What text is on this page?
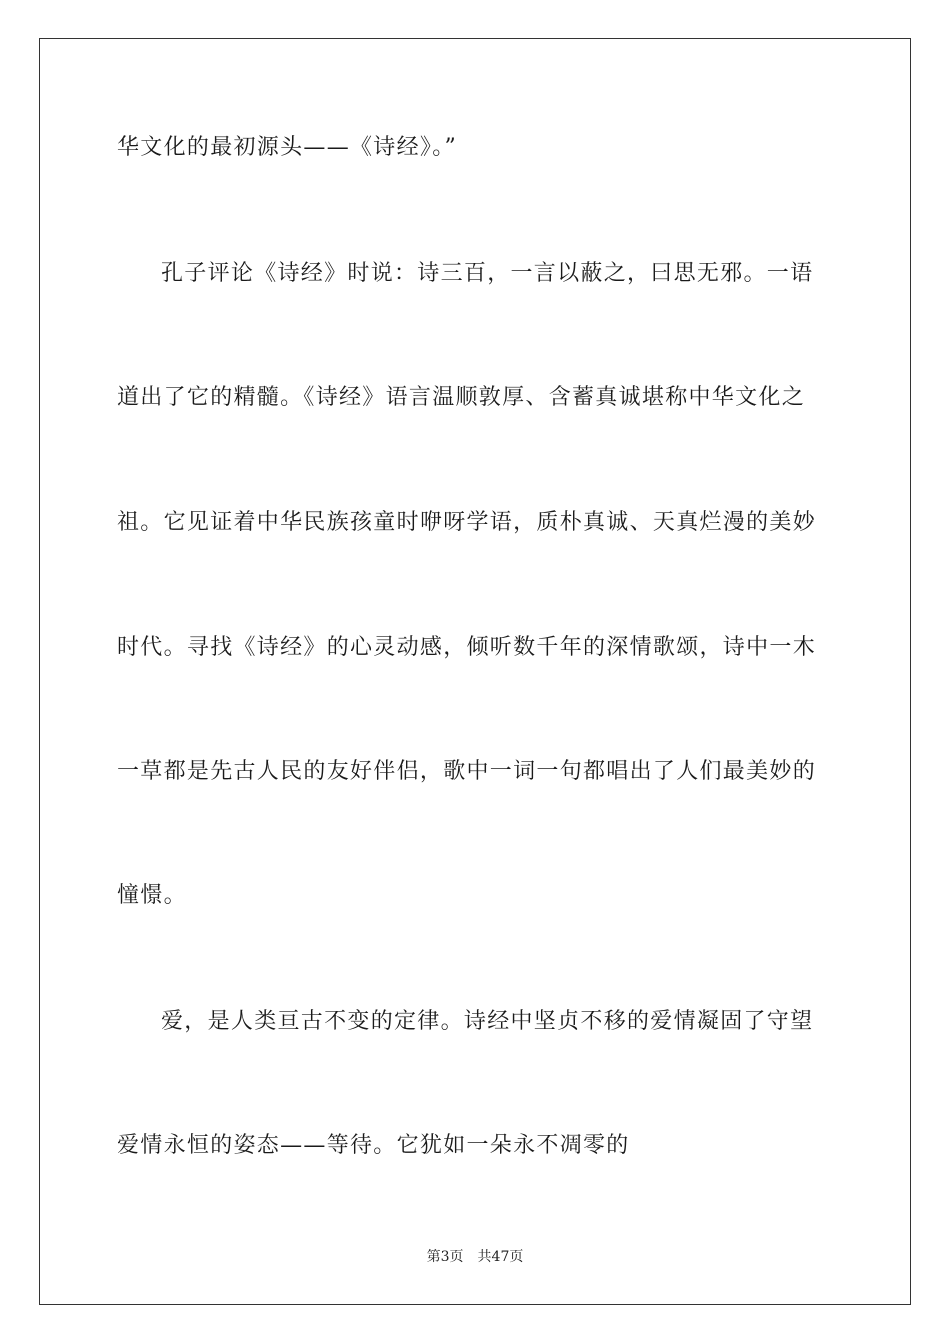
华文化的最初源头——《诗经》。”
孔子评论《诗经》时说：诗三百，一言以蔽之，曰思无邪。一语
道出了它的精髓。《诗经》语言温顺敦厚、含蓄真诚堪称中华文化之
祖。它见证着中华民族孩童时咿呀学语，质朴真诚、天真烂漫的美妙
时代。寻找《诗经》的心灵动感，倾听数千年的深情歌颂，诗中一木
一草都是先古人民的友好伴侣，歌中一词一句都唱出了人们最美妙的
憧憬。
爱，是人类亘古不变的定律。诗经中坚贞不移的爱情凝固了守望
爱情永恒的姿态——等待。它犹如一朵永不凋零的
第3页 共47页
